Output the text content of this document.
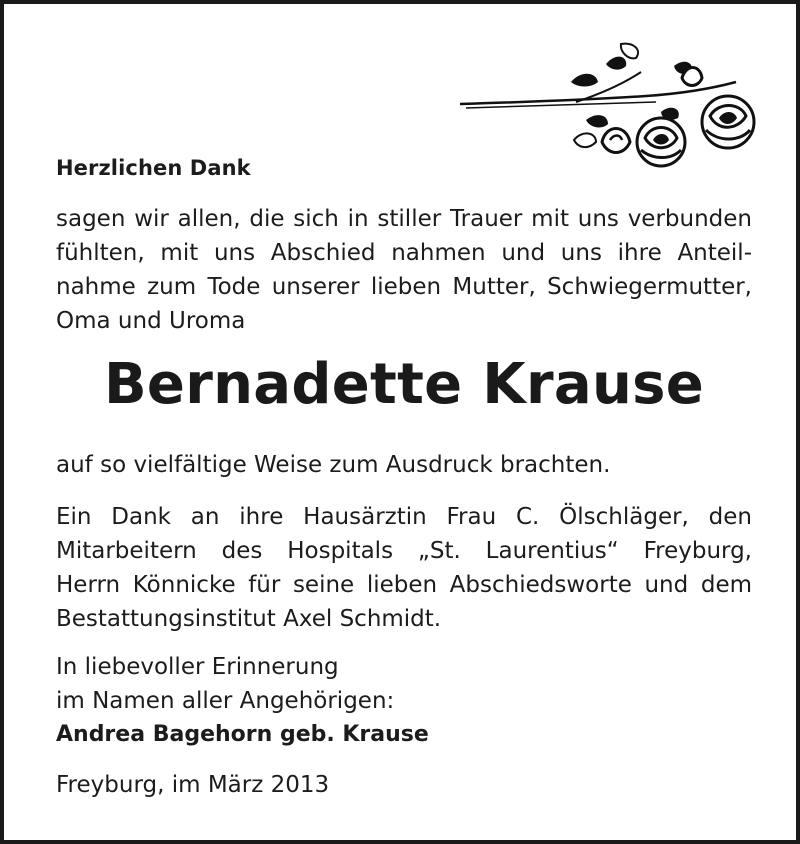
Herzlichen Dank

sagen wir allen, die sich in stiller Trauer mit uns verbunden
fühlten, mit uns Abschied nahmen und uns ihre Anteil-
nahme zum Tode unserer lieben Mutter, Schwiegermutter,
Oma und Uroma

Bernadette Krause

auf so vielfältige Weise zum Ausdruck brachten.

Ein Dank an ihre Hausärztin Frau C. Ölschläger, den
Mitarbeitern des Hospitals „St. Laurentius“ Freyburg,
Herrn Könnicke für seine lieben Abschiedsworte und dem
Bestattungsinstitut Axel Schmidt.

In liebevoller Erinnerung
im Namen aller Angehörigen:
Andrea Bagehorn geb. Krause
Freyburg, im März 2013
